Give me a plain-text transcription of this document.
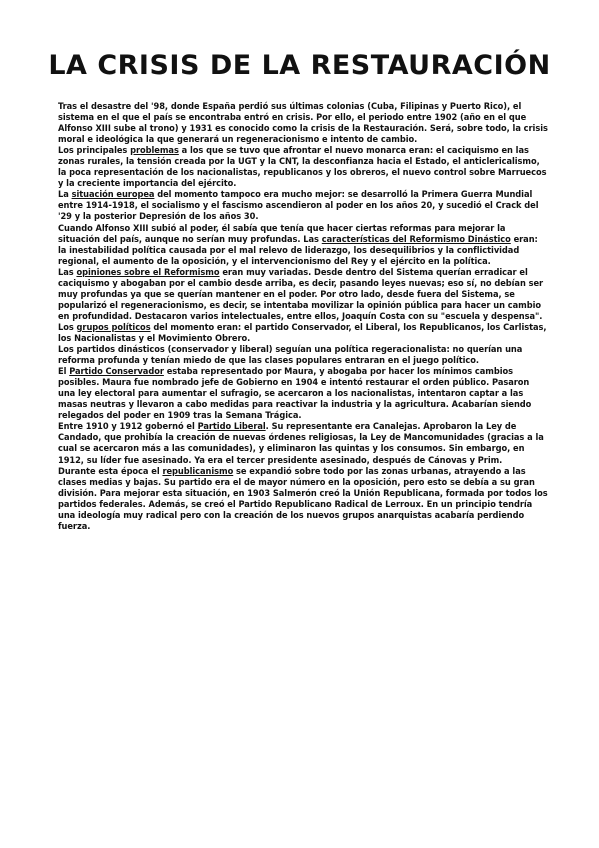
LA CRISIS DE LA RESTAURACIÓN

Tras el desastre del '98, donde España perdió sus últimas colonias (Cuba, Filipinas y Puerto Rico), el sistema en el que el país se encontraba entró en crisis. Por ello, el periodo entre 1902 (año en el que Alfonso XIII sube al trono) y 1931 es conocido como la crisis de la Restauración. Será, sobre todo, la crisis moral e ideológica la que generará un regeneracionismo e intento de cambio.

Los principales problemas a los que se tuvo que afrontar el nuevo monarca eran: el caciquismo en las zonas rurales, la tensión creada por la UGT y la CNT, la desconfianza hacia el Estado, el anticlericalismo, la poca representación de los nacionalistas, republicanos y los obreros, el nuevo control sobre Marruecos y la creciente importancia del ejército.

La situación europea del momento tampoco era mucho mejor: se desarrolló la Primera Guerra Mundial entre 1914-1918, el socialismo y el fascismo ascendieron al poder en los años 20, y sucedió el Crack del '29 y la posterior Depresión de los años 30.

Cuando Alfonso XIII subió al poder, él sabía que tenía que hacer ciertas reformas para mejorar la situación del país, aunque no serían muy profundas. Las características del Reformismo Dinástico eran: la inestabilidad política causada por el mal relevo de liderazgo, los desequilibrios y la conflictividad regional, el aumento de la oposición, y el intervencionismo del Rey y el ejército en la política.

Las opiniones sobre el Reformismo eran muy variadas. Desde dentro del Sistema querían erradicar el caciquismo y abogaban por el cambio desde arriba, es decir, pasando leyes nuevas; eso sí, no debían ser muy profundas ya que se querían mantener en el poder. Por otro lado, desde fuera del Sistema, se popularizó el regeneracionismo, es decir, se intentaba movilizar la opinión pública para hacer un cambio en profundidad. Destacaron varios intelectuales, entre ellos, Joaquín Costa con su "escuela y despensa".

Los grupos políticos del momento eran: el partido Conservador, el Liberal, los Republicanos, los Carlistas, los Nacionalistas y el Movimiento Obrero.

Los partidos dinásticos (conservador y liberal) seguían una política regeracionalista: no querían una reforma profunda y tenían miedo de que las clases populares entraran en el juego político.

El Partido Conservador estaba representado por Maura, y abogaba por hacer los mínimos cambios posibles. Maura fue nombrado jefe de Gobierno en 1904 e intentó restaurar el orden público. Pasaron una ley electoral para aumentar el sufragio, se acercaron a los nacionalistas, intentaron captar a las masas neutras y llevaron a cabo medidas para reactivar la industria y la agricultura. Acabarían siendo relegados del poder en 1909 tras la Semana Trágica.

Entre 1910 y 1912 gobernó el Partido Liberal. Su representante era Canalejas. Aprobaron la Ley de Candado, que prohibía la creación de nuevas órdenes religiosas, la Ley de Mancomunidades (gracias a la cual se acercaron más a las comunidades), y eliminaron las quintas y los consumos. Sin embargo, en 1912, su líder fue asesinado. Ya era el tercer presidente asesinado, después de Cánovas y Prim.

Durante esta época el republicanismo se expandió sobre todo por las zonas urbanas, atrayendo a las clases medias y bajas. Su partido era el de mayor número en la oposición, pero esto se debía a su gran división. Para mejorar esta situación, en 1903 Salmerón creó la Unión Republicana, formada por todos los partidos federales. Además, se creó el Partido Republicano Radical de Lerroux. En un principio tendría una ideología muy radical pero con la creación de los nuevos grupos anarquistas acabaría perdiendo fuerza.
